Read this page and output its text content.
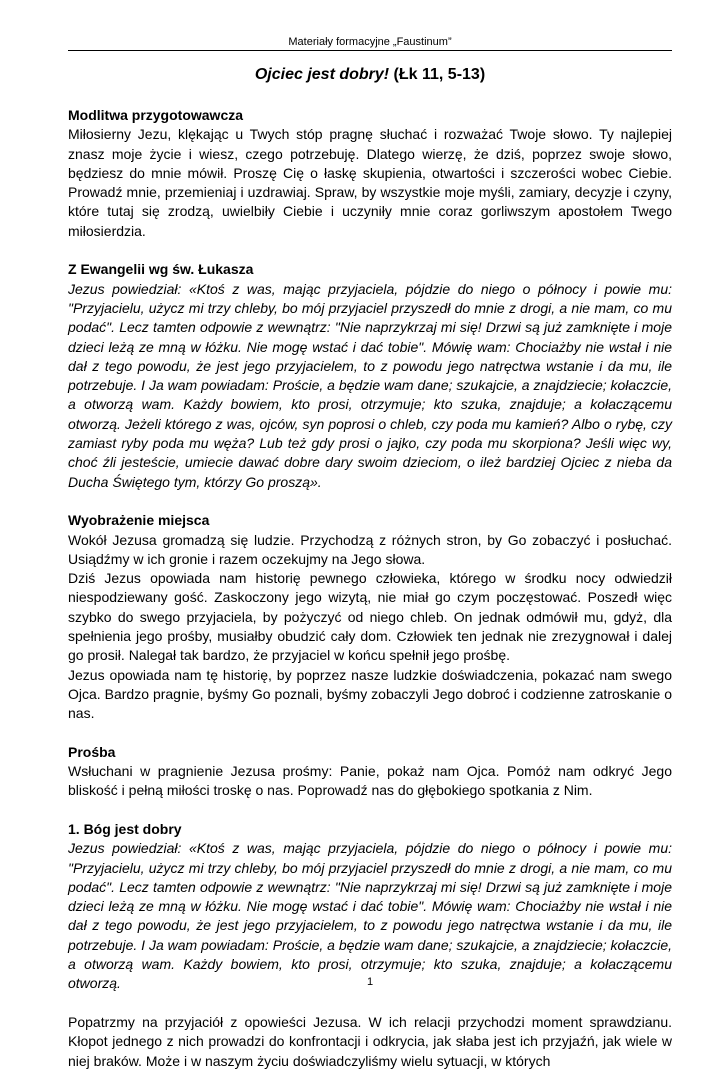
Materiały formacyjne „Faustinum”
Ojciec jest dobry! (Łk 11, 5-13)
Modlitwa przygotowawcza

Miłosierny Jezu, klękając u Twych stóp pragnę słuchać i rozważać Twoje słowo. Ty najlepiej znasz moje życie i wiesz, czego potrzebuję. Dlatego wierzę, że dziś, poprzez swoje słowo, będziesz do mnie mówił. Proszę Cię o łaskę skupienia, otwartości i szczerości wobec Ciebie. Prowadź mnie, przemieniaj i uzdrawiaj. Spraw, by wszystkie moje myśli, zamiary, decyzje i czyny, które tutaj się zrodzą, uwielbiły Ciebie i uczyniły mnie coraz gorliwszym apostołem Twego miłosierdzia.

Z Ewangelii wg św. Łukasza

Jezus powiedział: «Ktoś z was, mając przyjaciela, pójdzie do niego o północy i powie mu: "Przyjacielu, użycz mi trzy chleby, bo mój przyjaciel przyszedł do mnie z drogi, a nie mam, co mu podać". Lecz tamten odpowie z wewnątrz: "Nie naprzykrzaj mi się! Drzwi są już zamknięte i moje dzieci leżą ze mną w łóżku. Nie mogę wstać i dać tobie". Mówię wam: Chociażby nie wstał i nie dał z tego powodu, że jest jego przyjacielem, to z powodu jego natręctwa wstanie i da mu, ile potrzebuje. I Ja wam powiadam: Proście, a będzie wam dane; szukajcie, a znajdziecie; kołaczcie, a otworzą wam. Każdy bowiem, kto prosi, otrzymuje; kto szuka, znajduje; a kołaczącemu otworzą. Jeżeli którego z was, ojców, syn poprosi o chleb, czy poda mu kamień? Albo o rybę, czy zamiast ryby poda mu węża? Lub też gdy prosi o jajko, czy poda mu skorpiona? Jeśli więc wy, choć źli jesteście, umiecie dawać dobre dary swoim dzieciom, o ileż bardziej Ojciec z nieba da Ducha Świętego tym, którzy Go proszą».

Wyobrażenie miejsca

Wokół Jezusa gromadzą się ludzie. Przychodzą z różnych stron, by Go zobaczyć i posłuchać. Usiądźmy w ich gronie i razem oczekujmy na Jego słowa.

Dziś Jezus opowiada nam historię pewnego człowieka, którego w środku nocy odwiedził niespodziewany gość. Zaskoczony jego wizytą, nie miał go czym poczęstować. Poszedł więc szybko do swego przyjaciela, by pożyczyć od niego chleb. On jednak odmówił mu, gdyż, dla spełnienia jego prośby, musiałby obudzić cały dom. Człowiek ten jednak nie zrezygnował i dalej go prosił. Nalegał tak bardzo, że przyjaciel w końcu spełnił jego prośbę.

Jezus opowiada nam tę historię, by poprzez nasze ludzkie doświadczenia, pokazać nam swego Ojca. Bardzo pragnie, byśmy Go poznali, byśmy zobaczyli Jego dobroć i codzienne zatroskanie o nas.

Prośba

Wsłuchani w pragnienie Jezusa prośmy: Panie, pokaż nam Ojca. Pomóż nam odkryć Jego bliskość i pełną miłości troskę o nas. Poprowadź nas do głębokiego spotkania z Nim.

1. Bóg jest dobry

Jezus powiedział: «Ktoś z was, mając przyjaciela, pójdzie do niego o północy i powie mu: "Przyjacielu, użycz mi trzy chleby, bo mój przyjaciel przyszedł do mnie z drogi, a nie mam, co mu podać". Lecz tamten odpowie z wewnątrz: "Nie naprzykrzaj mi się! Drzwi są już zamknięte i moje dzieci leżą ze mną w łóżku. Nie mogę wstać i dać tobie". Mówię wam: Chociażby nie wstał i nie dał z tego powodu, że jest jego przyjacielem, to z powodu jego natręctwa wstanie i da mu, ile potrzebuje. I Ja wam powiadam: Proście, a będzie wam dane; szukajcie, a znajdziecie; kołaczcie, a otworzą wam. Każdy bowiem, kto prosi, otrzymuje; kto szuka, znajduje; a kołaczącemu otworzą.

Popatrzmy na przyjaciół z opowieści Jezusa. W ich relacji przychodzi moment sprawdzianu. Kłopot jednego z nich prowadzi do konfrontacji i odkrycia, jak słaba jest ich przyjaźń, jak wiele w niej braków. Może i w naszym życiu doświadczyliśmy wielu sytuacji, w których

1
